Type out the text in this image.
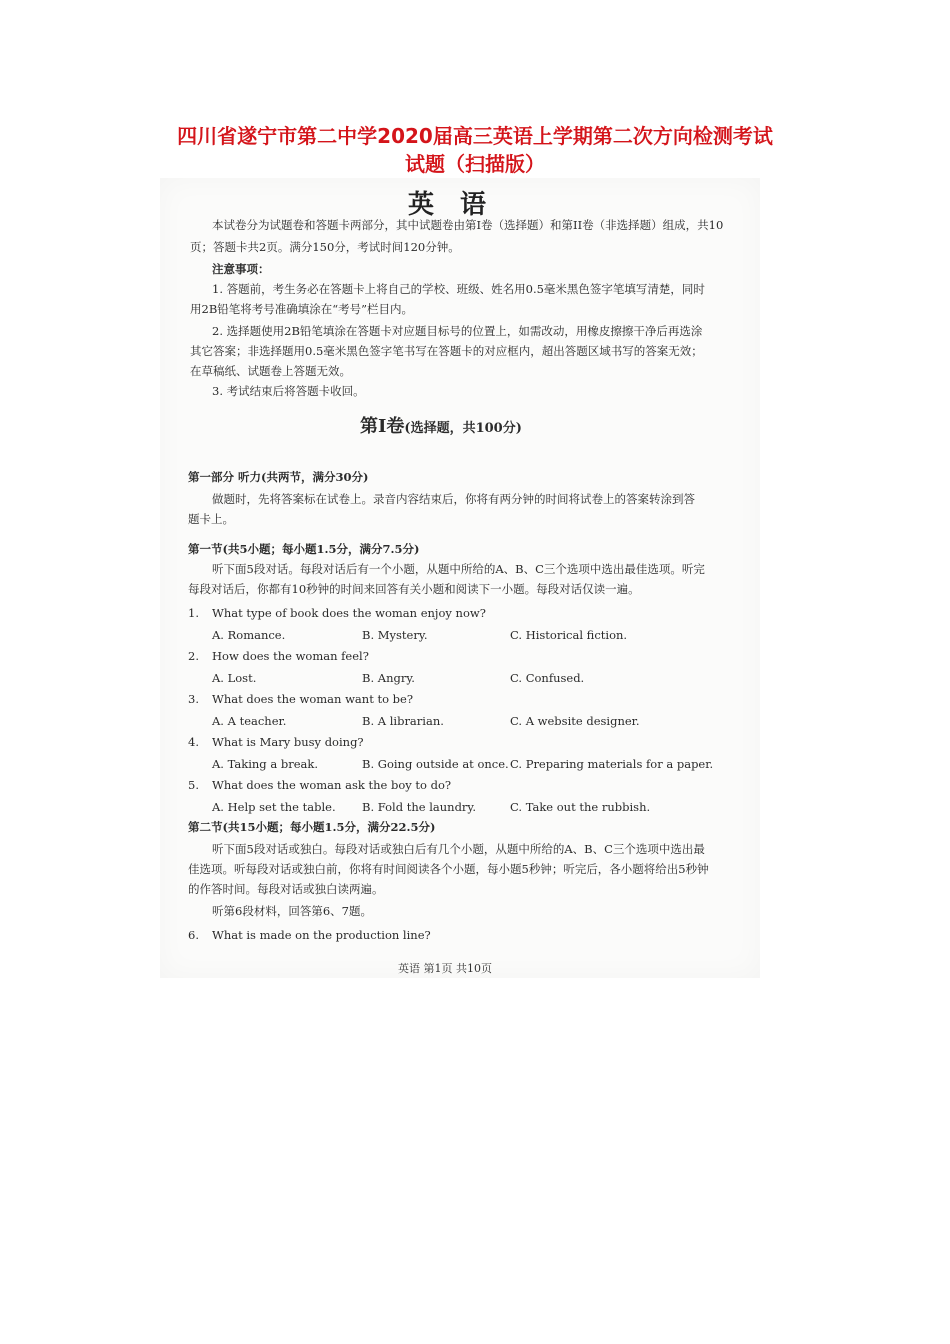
四川省遂宁市第二中学2020届高三英语上学期第二次方向检测考试
试题（扫描版）
英语
本试卷分为试题卷和答题卡两部分，其中试题卷由第I卷（选择题）和第II卷（非选择题）组成，共10
页；答题卡共2页。满分150分，考试时间120分钟。
注意事项：
1. 答题前，考生务必在答题卡上将自己的学校、班级、姓名用0.5毫米黑色签字笔填写清楚，同时
用2B铅笔将考号准确填涂在“考号”栏目内。
2. 选择题使用2B铅笔填涂在答题卡对应题目标号的位置上，如需改动，用橡皮擦擦干净后再选涂
其它答案；非选择题用0.5毫米黑色签字笔书写在答题卡的对应框内，超出答题区域书写的答案无效；
在草稿纸、试题卷上答题无效。
3. 考试结束后将答题卡收回。
第I卷(选择题，共100分)
第一部分 听力(共两节，满分30分)
做题时，先将答案标在试卷上。录音内容结束后，你将有两分钟的时间将试卷上的答案转涂到答
题卡上。
第一节(共5小题；每小题1.5分，满分7.5分)
听下面5段对话。每段对话后有一个小题，从题中所给的A、B、C三个选项中选出最佳选项。听完
每段对话后，你都有10秒钟的时间来回答有关小题和阅读下一小题。每段对话仅读一遍。
1. What type of book does the woman enjoy now?
A. Romance.	B. Mystery.	C. Historical fiction.
2. How does the woman feel?
A. Lost.	B. Angry.	C. Confused.
3. What does the woman want to be?
A. A teacher.	B. A librarian.	C. A website designer.
4. What is Mary busy doing?
A. Taking a break.	B. Going outside at once. C. Preparing materials for a paper.
5. What does the woman ask the boy to do?
A. Help set the table. B. Fold the laundry.	C. Take out the rubbish.
第二节(共15小题；每小题1.5分，满分22.5分)
听下面5段对话或独白。每段对话或独白后有几个小题，从题中所给的A、B、C三个选项中选出最
佳选项。听每段对话或独白前，你将有时间阅读各个小题，每小题5秒钟；听完后，各小题将给出5秒钟
的作答时间。每段对话或独白读两遍。
听第6段材料，回答第6、7题。
6. What is made on the production line?
英语 第1页 共10页
